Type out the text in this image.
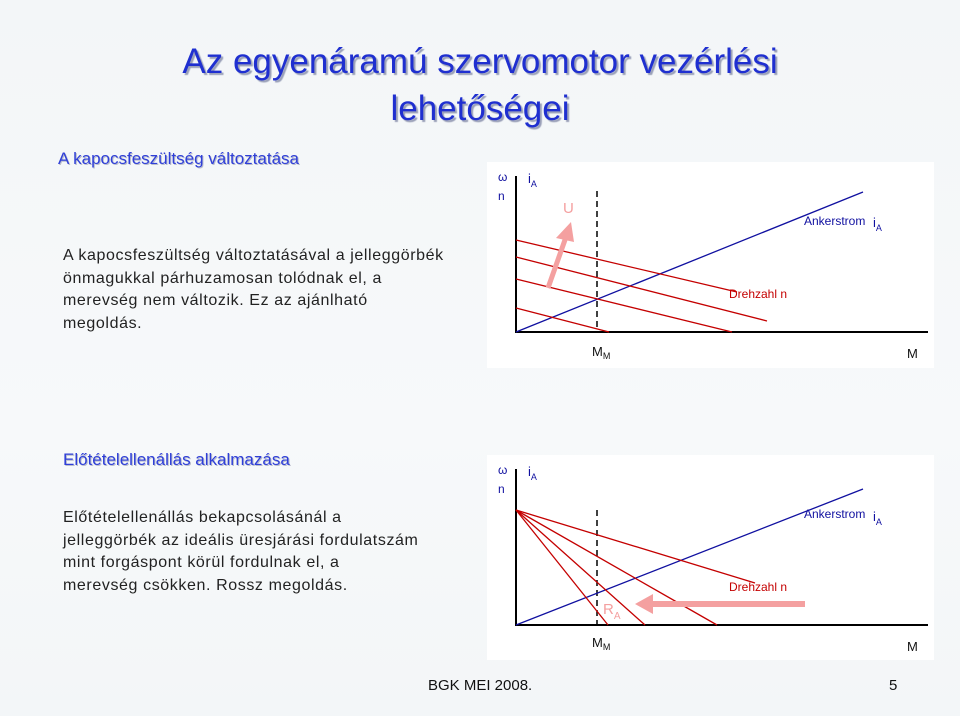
Az egyenáramú szervomotor vezérlési
lehetőségei
A kapocsfeszültség változtatása
A kapocsfeszültség változtatásával a jelleggörbék
önmagukkal párhuzamosan tolódnak el, a
merevség nem változik. Ez az ajánlható
megoldás.
ω
n
$i_A$
U
Ankerstrom $i_A$
Drehzahl n
$M_M$	M
Előtételellenállás alkalmazása
Előtételellenállás bekapcsolásánál a
jelleggörbék az ideális üresjárási fordulatszám
mint forgáspont körül fordulnak el, a
merevség csökken. Rossz megoldás.
ω
n
$i_A$
$R_A$
Ankerstrom $i_A$
Drehzahl n
$M_M$	M
BGK MEI 2008.	5
